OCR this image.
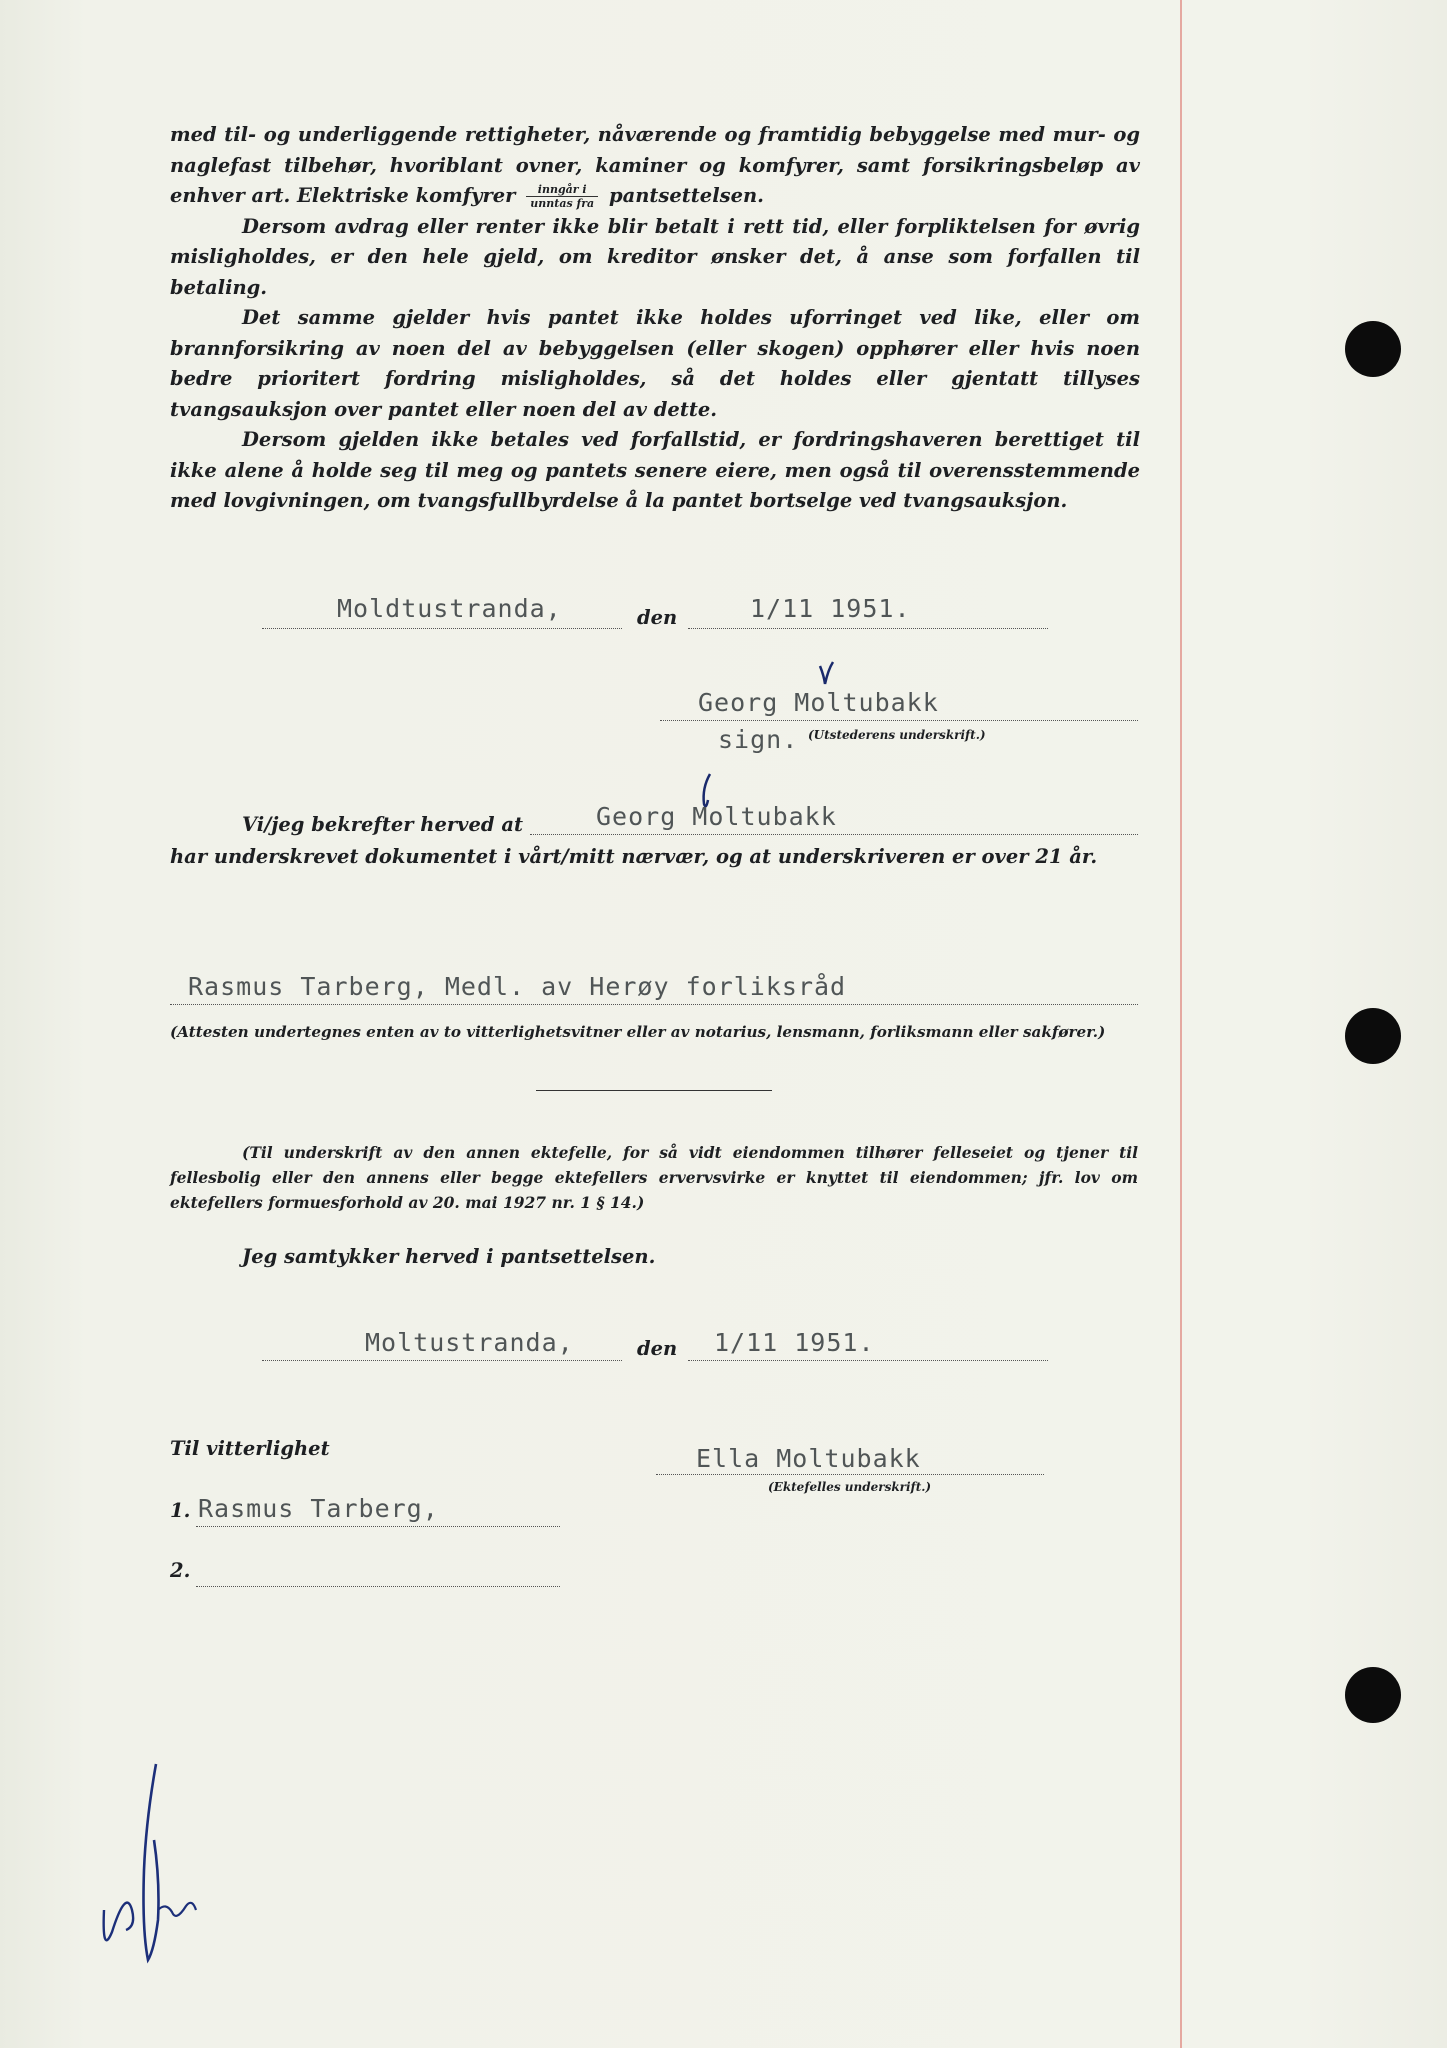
med til- og underliggende rettigheter, nåværende og framtidig bebyggelse med mur- og naglefast tilbehør, hvoriblant ovner, kaminer og komfyrer, samt forsikringsbeløp av enhver art. Elektriske komfyrer $\frac{\text{inngår i}}{\text{unntas fra}}$ pantsettelsen.

Dersom avdrag eller renter ikke blir betalt i rett tid, eller forpliktelsen for øvrig misligholdes, er den hele gjeld, om kreditor ønsker det, å anse som forfallen til betaling.

Det samme gjelder hvis pantet ikke holdes uforringet ved like, eller om brannforsikring av noen del av bebyggelsen (eller skogen) opphører eller hvis noen bedre prioritert fordring misligholdes, så det holdes eller gjentatt tillyses tvangsauksjon over pantet eller noen del av dette.

Dersom gjelden ikke betales ved forfallstid, er fordringshaveren berettiget til ikke alene å holde seg til meg og pantets senere eiere, men også til overensstemmende med lovgivningen, om tvangsfullbyrdelse å la pantet bortselge ved tvangsauksjon.

Moldtustranda,	den	1/11 1951.
Georg Moltubakk
sign. (Utstederens underskrift.)
Vi/jeg bekrefter herved at	Georg Moltubakk
har underskrevet dokumentet i vårt/mitt nærvær, og at underskriveren er over 21 år.
Rasmus Tarberg, Medl. av Herøy forliksråd
(Attesten undertegnes enten av to vitterlighetsvitner eller av notarius, lensmann, forliksmann eller sakfører.)
(Til underskrift av den annen ektefelle, for så vidt eiendommen tilhører felleseiet og tjener til fellesbolig eller den annens eller begge ektefellers ervervsvirke er knyttet til eiendommen; jfr. lov om ektefellers formuesforhold av 20. mai 1927 nr. 1 § 14.)
Jeg samtykker herved i pantsettelsen.
Moltustranda,	den 1/11 1951.
Til vitterlighet	Ella Moltubakk
(Ektefelles underskrift.)
1. Rasmus Tarberg,
2.
